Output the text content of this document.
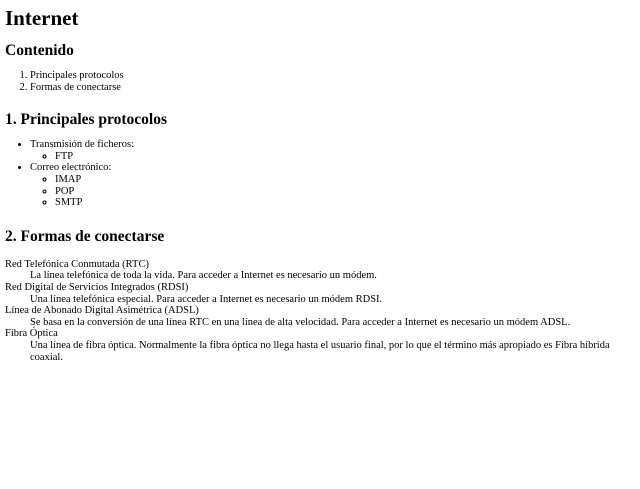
Internet
Contenido
1. Principales protocolos
2. Formas de conectarse
1. Principales protocolos
• Transmisión de ficheros:
◦ FTP
• Correo electrónico:
◦ IMAP
◦ POP
◦ SMTP
2. Formas de conectarse
Red Telefónica Conmutada (RTC)
La línea telefónica de toda la vida. Para acceder a Internet es necesario un módem.
Red Digital de Servicios Integrados (RDSI)
Una línea telefónica especial. Para acceder a Internet es necesario un módem RDSI.
Línea de Abonado Digital Asimétrica (ADSL)
Se basa en la conversión de una línea RTC en una línea de alta velocidad. Para acceder a Internet es necesario un módem ADSL.
Fibra Óptica
Una línea de fibra óptica. Normalmente la fibra óptica no llega hasta el usuario final, por lo que el término más apropiado es Fibra híbrida coaxial.
